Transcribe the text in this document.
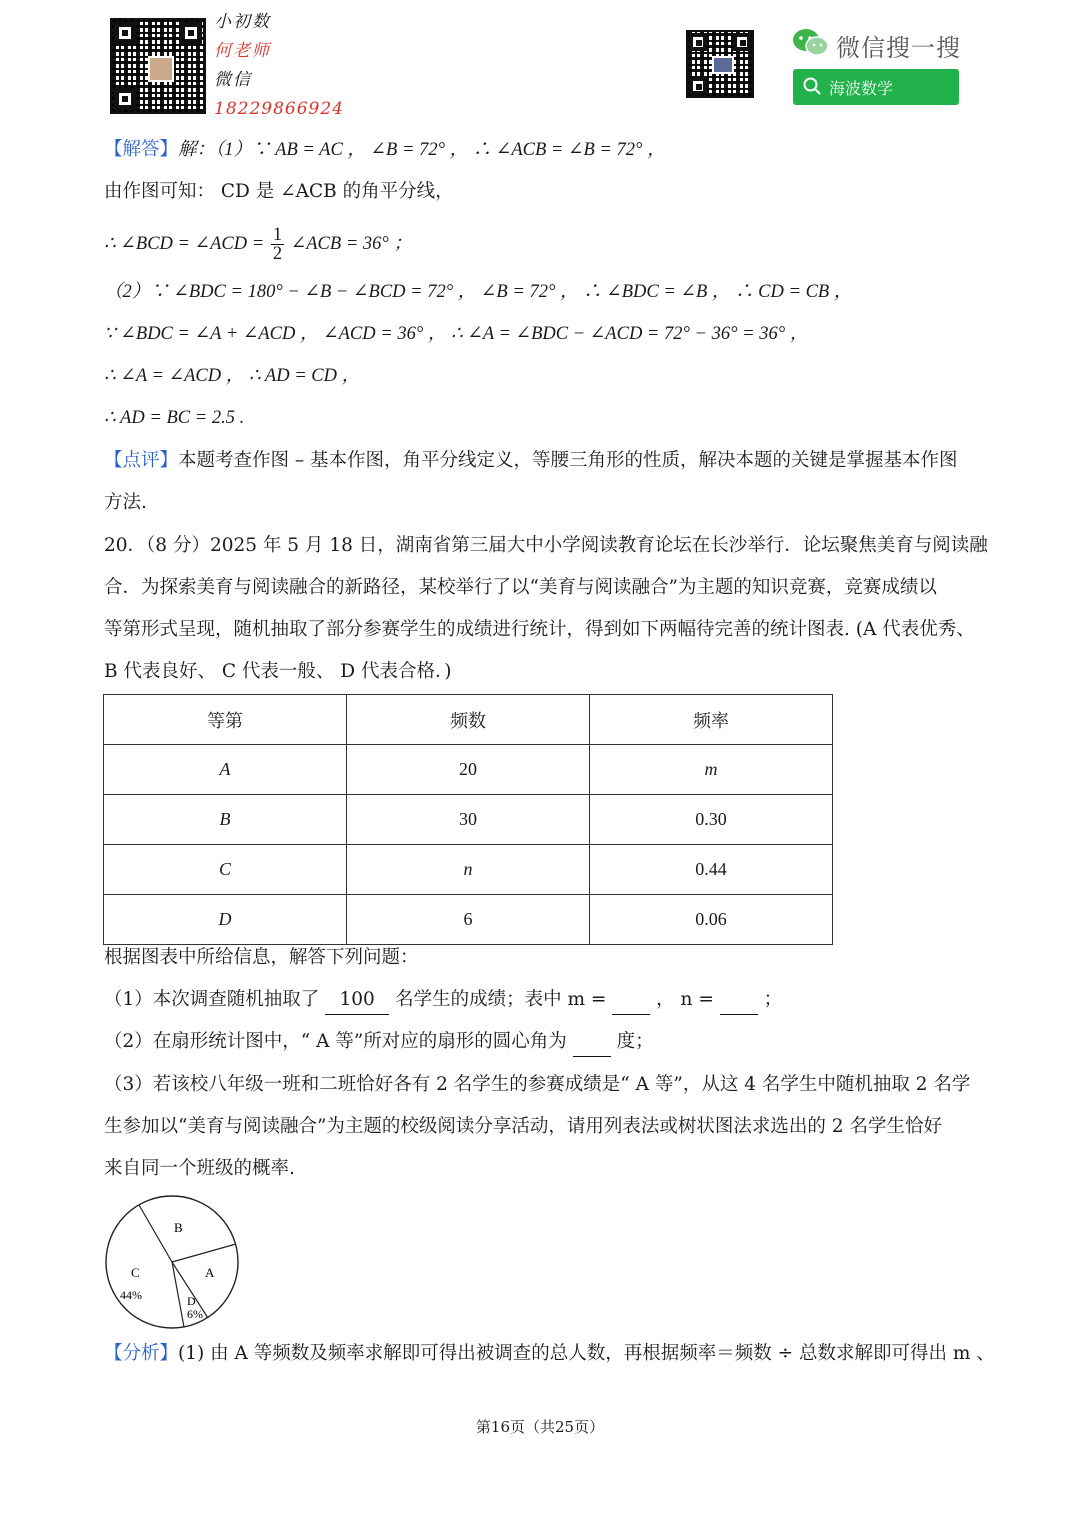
小初数
何老师
微信
18229866924
微信搜一搜
海波数学
【解答】解：（1）∵ AB = AC ， ∠B = 72° ， ∴ ∠ACB = ∠B = 72° ，
由作图可知： CD 是 ∠ACB 的角平分线，
∴ ∠BCD = ∠ACD = $\frac{1}{2}$ ∠ACB = 36° ；
（2）∵ ∠BDC = 180° − ∠B − ∠BCD = 72° ， ∠B = 72° ， ∴ ∠BDC = ∠B ， ∴ CD = CB ，
∵ ∠BDC = ∠A + ∠ACD ， ∠ACD = 36° ， ∴ ∠A = ∠BDC − ∠ACD = 72° − 36° = 36° ，
∴ ∠A = ∠ACD ， ∴ AD = CD ，
∴ AD = BC = 2.5 .
【点评】本题考查作图 – 基本作图，角平分线定义，等腰三角形的性质，解决本题的关键是掌握基本作图
方法.
20．（8 分）2025 年 5 月 18 日，湖南省第三届大中小学阅读教育论坛在长沙举行．论坛聚焦美育与阅读融
合．为探索美育与阅读融合的新路径，某校举行了以“美育与阅读融合”为主题的知识竞赛，竞赛成绩以
等第形式呈现，随机抽取了部分参赛学生的成绩进行统计，得到如下两幅待完善的统计图表. (A 代表优秀、
B 代表良好、 C 代表一般、 D 代表合格．)
等第	频数	频率
A	20	m
B	30	0.30
C	n	0.44
D	6	0.06
根据图表中所给信息，解答下列问题：
（1）本次调查随机抽取了 100 名学生的成绩；表中 m =	， n =	；
（2）在扇形统计图中，“ A 等”所对应的扇形的圆心角为	度；
（3）若该校八年级一班和二班恰好各有 2 名学生的参赛成绩是“ A 等”，从这 4 名学生中随机抽取 2 名学
生参加以“美育与阅读融合”为主题的校级阅读分享活动，请用列表法或树状图法求选出的 2 名学生恰好
来自同一个班级的概率.
B
A
C
44%	D
6%
【分析】(1) 由 A 等频数及频率求解即可得出被调查的总人数，再根据频率＝频数 ÷ 总数求解即可得出 m 、
第16页（共25页）
